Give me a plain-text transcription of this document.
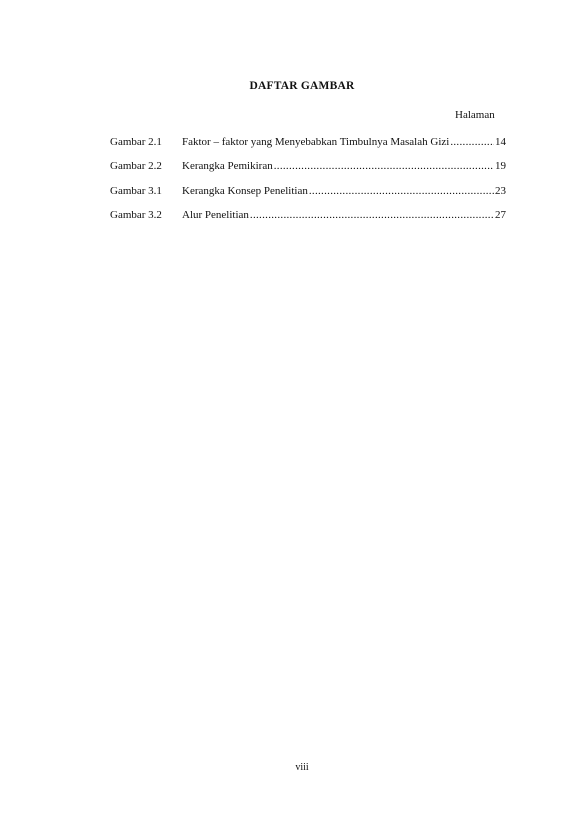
DAFTAR GAMBAR
Halaman
Gambar 2.1	Faktor – faktor yang Menyebabkan Timbulnya Masalah Gizi .....	14
Gambar 2.2	Kerangka Pemikiran .....	19
Gambar 3.1	Kerangka Konsep Penelitian .....	23
Gambar 3.2	Alur Penelitian .....	27
viii
